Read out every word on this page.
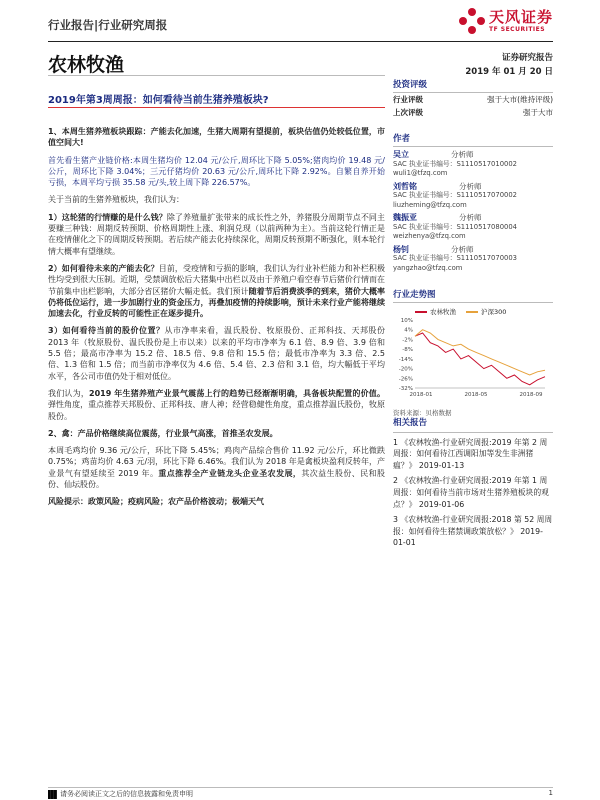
行业报告|行业研究周报	天风证券
TF SECURITIES
农林牧渔	证券研究报告
2019 年 01 月 20 日
2019年第3周周报：如何看待当前生猪养殖板块?

1、本周生猪养殖板块跟踪：产能去化加速，生猪大周期有望提前，板块估值仍处较低位置，市值空间大!

首先看生猪产业链价格:本周生猪均价 12.04 元/公斤,周环比下降 5.05%;猪肉均价 19.48 元/公斤，周环比下降 3.04%；三元仔猪均价 20.63 元/公斤,周环比下降 2.92%。自繁自养开始亏损，本周平均亏损 35.58 元/头,较上周下降 226.57%。

关于当前的生猪养殖板块，我们认为：

1）这轮猪的行情赚的是什么钱？除了养殖量扩张带来的成长性之外，养猪股分周期节点不同主要赚三种钱：周期反转预期、价格周期性上涨、利润兑现（以前两种为主）。当前这轮行情正是在疫情催化之下的周期反转预期。若后续产能去化持续深化，周期反转预期不断强化，则本轮行情大概率有望继续。

2）如何看待未来的产能去化？目前，受疫情和亏损的影响，我们认为行业补栏能力和补栏积极性均受到很大压制。近期，受禁调放松后大猪集中出栏以及由于养殖户看空春节后猪价行情而在节前集中出栏影响，大部分省区猪价大幅走低。我们预计随着节后消费淡季的到来，猪价大概率仍将低位运行，进一步加剧行业的资金压力，再叠加疫情的持续影响，预计未来行业产能将继续加速去化，行业反转的可能性正在逐步提升。

3）如何看待当前的股价位置？从市净率来看，温氏股份、牧原股份、正邦科技、天邦股份 2013 年（牧原股份、温氏股份是上市以来）以来的平均市净率为 6.1 倍、8.9 倍、3.9 倍和 5.5 倍；最高市净率为 15.2 倍、18.5 倍、9.8 倍和 15.5 倍；最低市净率为 3.3 倍、2.5 倍、1.3 倍和 1.5 倍；而当前市净率仅为 4.6 倍、5.4 倍、2.3 倍和 3.1 倍，均大幅低于平均水平，各公司市值仍处于相对低位。

我们认为，2019 年生猪养殖产业景气震荡上行的趋势已经渐渐明确，具备板块配置的价值。弹性角度，重点推荐天邦股份、正邦科技、唐人神；经营稳健性角度，重点推荐温氏股份，牧原股份。

2、禽：产品价格继续高位震荡，行业景气高涨，首推圣农发展。

本周毛鸡均价 9.36 元/公斤，环比下降 5.45%；鸡肉产品综合售价 11.92 元/公斤，环比微跌 0.75%；鸡苗均价 4.63 元/羽，环比下降 6.46%。我们认为 2018 年是禽板块盈利反转年，产业景气有望延续至 2019 年。重点推荐全产业链龙头企业圣农发展，其次益生股份、民和股份、仙坛股份。

风险提示：政策风险；疫病风险；农产品价格波动；极端天气

投资评级
行业评级	强于大市(维持评级)
上次评级	强于大市
作者
吴立	分析师
SAC 执业证书编号：S1110517010002
wuli1@tfzq.com
刘哲铭	分析师
SAC 执业证书编号：S1110517070002
liuzheming@tfzq.com
魏振亚	分析师
SAC 执业证书编号：S1110517080004
weizhenya@tfzq.com
杨钊	分析师
SAC 执业证书编号：S1110517070003
yangzhao@tfzq.com
行业走势图
农林牧渔	沪深300
10%
4%
-2%
-8%
-14%
-20%
-26%
-32%
2018-01	2018-05	2018-09
资料来源：贝格数据
相关报告
1 《农林牧渔-行业研究周报:2019 年第 2 周周报：如何看待江西调阳加等发生非洲猪瘟？》 2019-01-13
2 《农林牧渔-行业研究周报:2019 年第 1 周周报：如何看待当前市场对生猪养殖板块的观点？》 2019-01-06
3 《农林牧渔-行业研究周报:2018 第 52 周周报：如何看待生猪禁调政策放松？》 2019-01-01
请务必阅读正文之后的信息披露和免责申明	1
